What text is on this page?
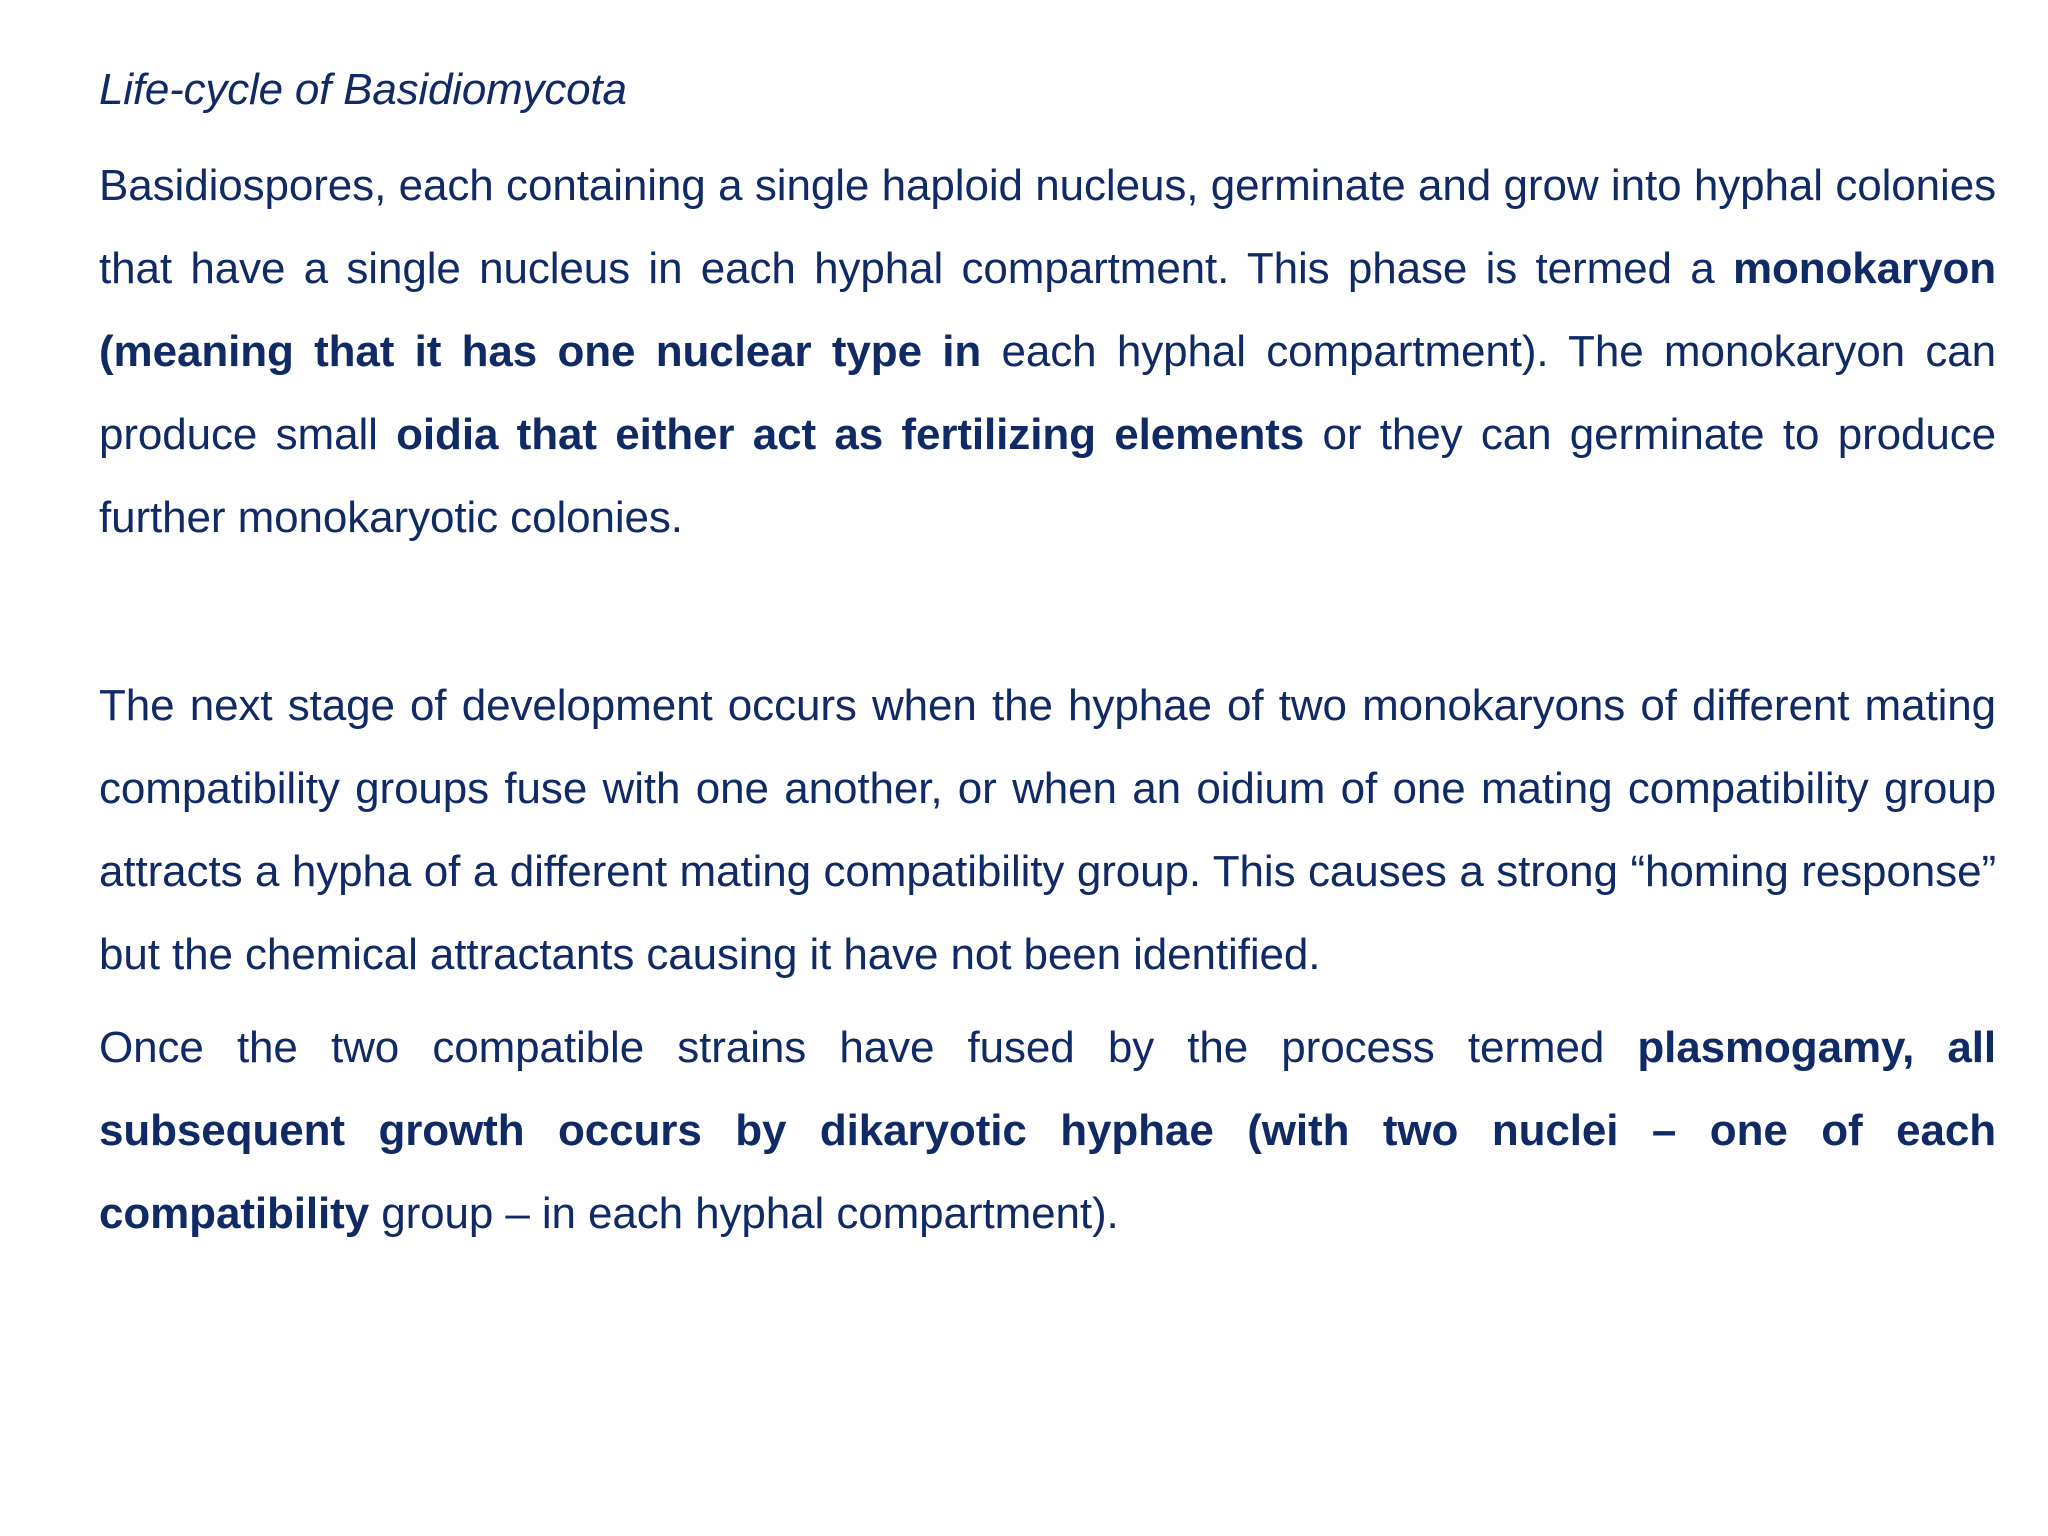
Life-cycle of Basidiomycota

Basidiospores, each containing a single haploid nucleus, germinate and grow into hyphal colonies that have a single nucleus in each hyphal compartment. This phase is termed a monokaryon (meaning that it has one nuclear type in each hyphal compartment). The monokaryon can produce small oidia that either act as fertilizing elements or they can germinate to produce further monokaryotic colonies.

The next stage of development occurs when the hyphae of two monokaryons of different mating compatibility groups fuse with one another, or when an oidium of one mating compatibility group attracts a hypha of a different mating compatibility group. This causes a strong “homing response” but the chemical attractants causing it have not been identified.

Once the two compatible strains have fused by the process termed plasmogamy, all subsequent growth occurs by dikaryotic hyphae (with two nuclei – one of each compatibility group – in each hyphal compartment).
